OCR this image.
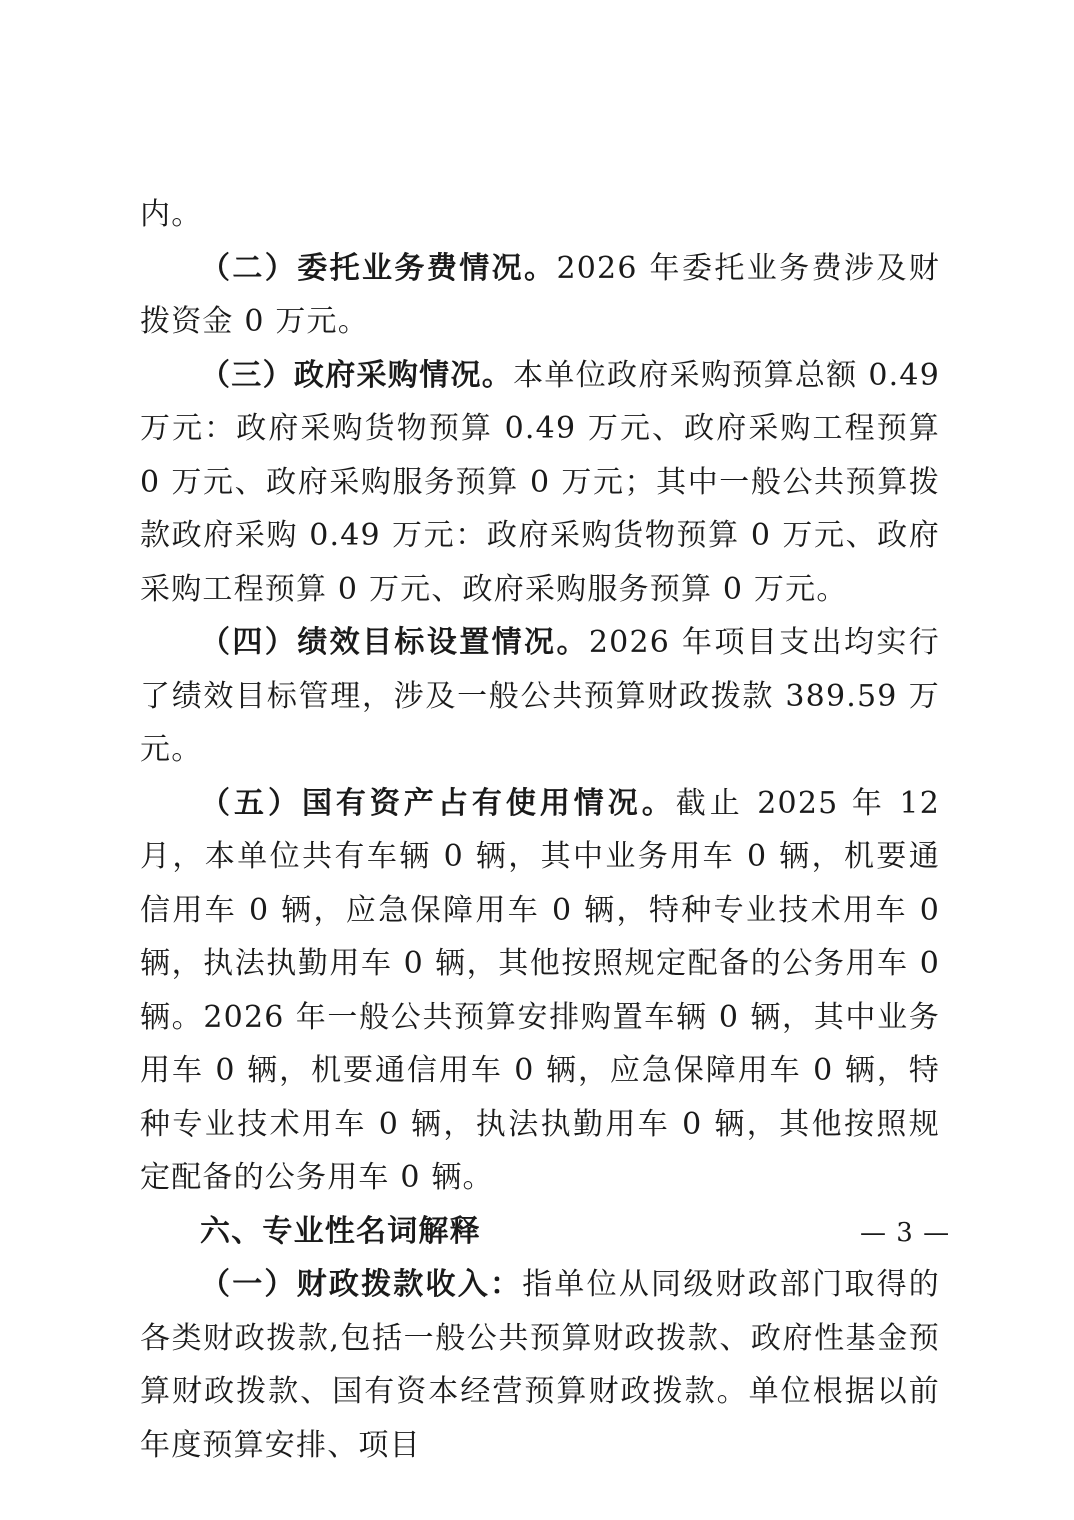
内。

（二）委托业务费情况。2026 年委托业务费涉及财拨资金 0 万元。

（三）政府采购情况。本单位政府采购预算总额 0.49 万元：政府采购货物预算 0.49 万元、政府采购工程预算 0 万元、政府采购服务预算 0 万元；其中一般公共预算拨款政府采购 0.49 万元：政府采购货物预算 0 万元、政府采购工程预算 0 万元、政府采购服务预算 0 万元。

（四）绩效目标设置情况。2026 年项目支出均实行了绩效目标管理，涉及一般公共预算财政拨款 389.59 万元。

（五）国有资产占有使用情况。截止 2025 年 12 月，本单位共有车辆 0 辆，其中业务用车 0 辆，机要通信用车 0 辆，应急保障用车 0 辆，特种专业技术用车 0 辆，执法执勤用车 0 辆，其他按照规定配备的公务用车 0 辆。2026 年一般公共预算安排购置车辆 0 辆，其中业务用车 0 辆，机要通信用车 0 辆，应急保障用车 0 辆，特种专业技术用车 0 辆，执法执勤用车 0 辆，其他按照规定配备的公务用车 0 辆。

六、专业性名词解释

（一）财政拨款收入：指单位从同级财政部门取得的各类财政拨款,包括一般公共预算财政拨款、政府性基金预算财政拨款、国有资本经营预算财政拨款。单位根据以前年度预算安排、项目

— 3 —
